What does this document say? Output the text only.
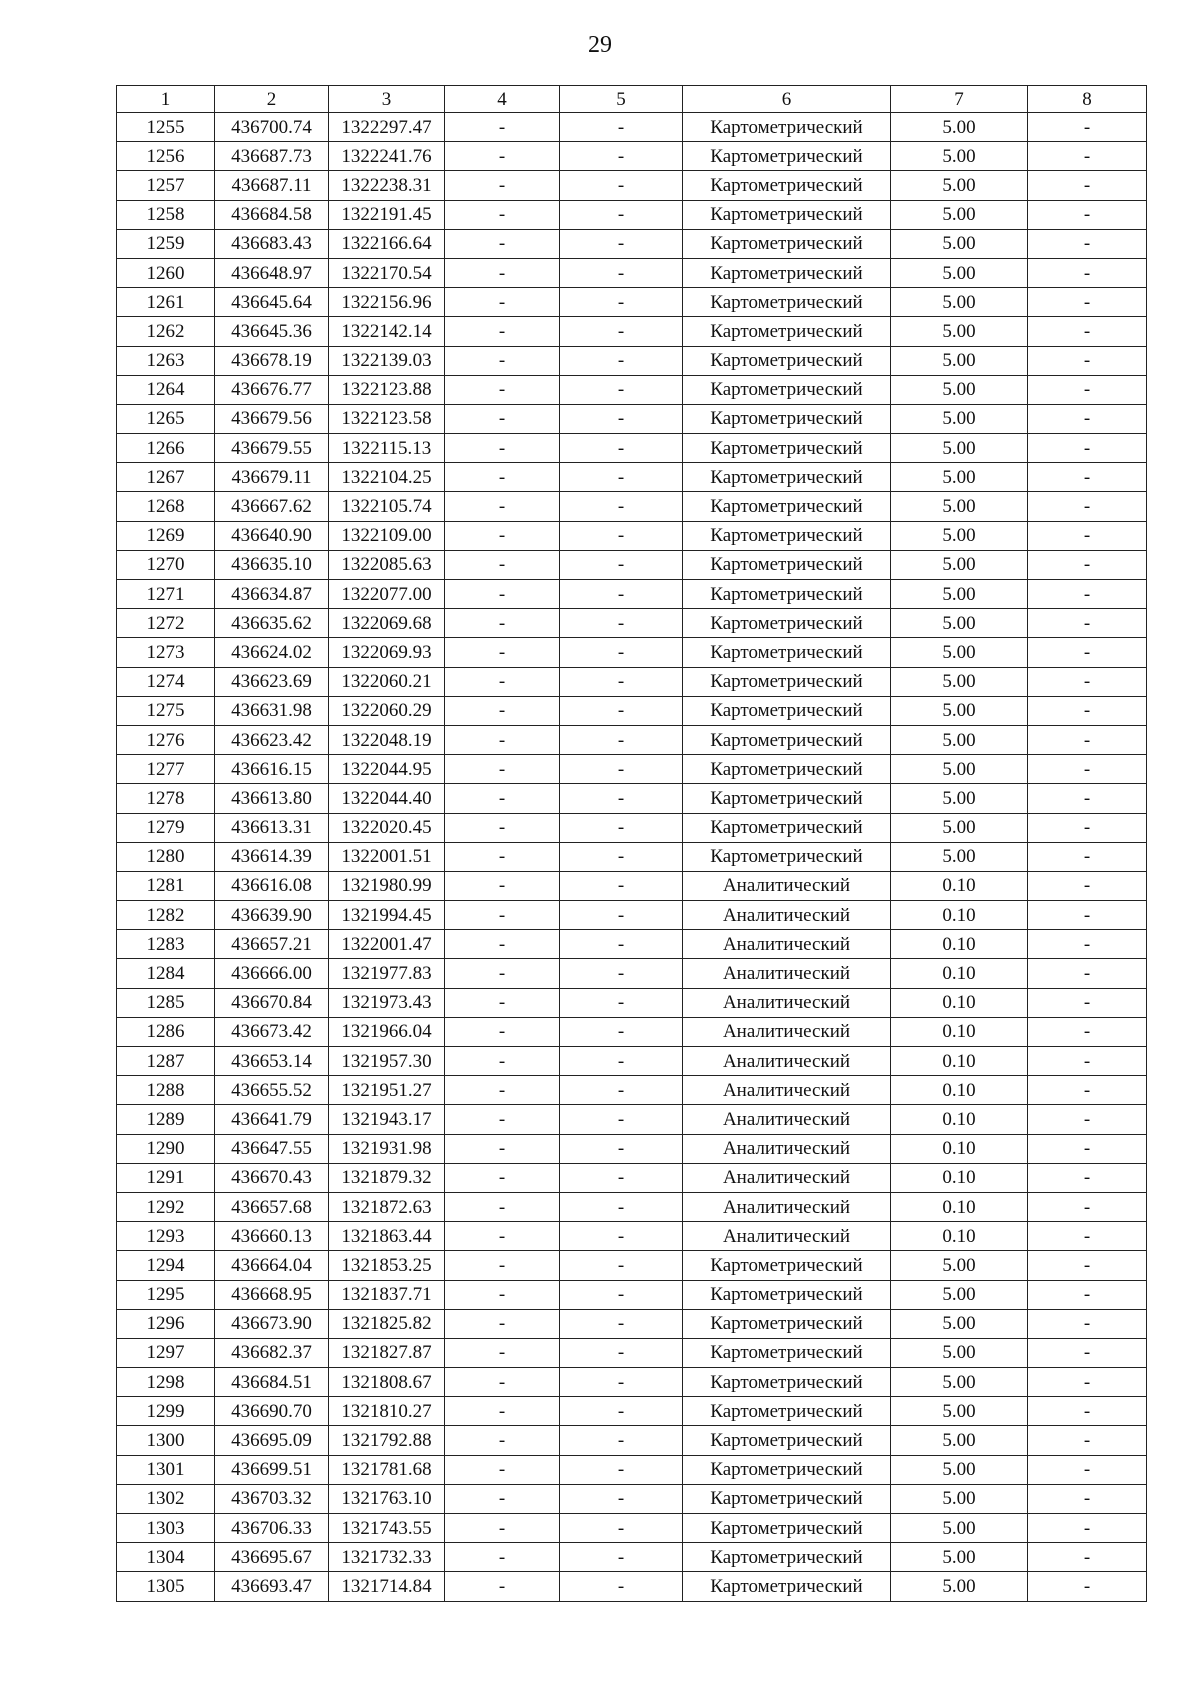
29
1	2	3	4	5	6	7	8
1255	436700.74	1322297.47	-	-	Картометрический	5.00	-
1256	436687.73	1322241.76	-	-	Картометрический	5.00	-
1257	436687.11	1322238.31	-	-	Картометрический	5.00	-
1258	436684.58	1322191.45	-	-	Картометрический	5.00	-
1259	436683.43	1322166.64	-	-	Картометрический	5.00	-
1260	436648.97	1322170.54	-	-	Картометрический	5.00	-
1261	436645.64	1322156.96	-	-	Картометрический	5.00	-
1262	436645.36	1322142.14	-	-	Картометрический	5.00	-
1263	436678.19	1322139.03	-	-	Картометрический	5.00	-
1264	436676.77	1322123.88	-	-	Картометрический	5.00	-
1265	436679.56	1322123.58	-	-	Картометрический	5.00	-
1266	436679.55	1322115.13	-	-	Картометрический	5.00	-
1267	436679.11	1322104.25	-	-	Картометрический	5.00	-
1268	436667.62	1322105.74	-	-	Картометрический	5.00	-
1269	436640.90	1322109.00	-	-	Картометрический	5.00	-
1270	436635.10	1322085.63	-	-	Картометрический	5.00	-
1271	436634.87	1322077.00	-	-	Картометрический	5.00	-
1272	436635.62	1322069.68	-	-	Картометрический	5.00	-
1273	436624.02	1322069.93	-	-	Картометрический	5.00	-
1274	436623.69	1322060.21	-	-	Картометрический	5.00	-
1275	436631.98	1322060.29	-	-	Картометрический	5.00	-
1276	436623.42	1322048.19	-	-	Картометрический	5.00	-
1277	436616.15	1322044.95	-	-	Картометрический	5.00	-
1278	436613.80	1322044.40	-	-	Картометрический	5.00	-
1279	436613.31	1322020.45	-	-	Картометрический	5.00	-
1280	436614.39	1322001.51	-	-	Картометрический	5.00	-
1281	436616.08	1321980.99	-	-	Аналитический	0.10	-
1282	436639.90	1321994.45	-	-	Аналитический	0.10	-
1283	436657.21	1322001.47	-	-	Аналитический	0.10	-
1284	436666.00	1321977.83	-	-	Аналитический	0.10	-
1285	436670.84	1321973.43	-	-	Аналитический	0.10	-
1286	436673.42	1321966.04	-	-	Аналитический	0.10	-
1287	436653.14	1321957.30	-	-	Аналитический	0.10	-
1288	436655.52	1321951.27	-	-	Аналитический	0.10	-
1289	436641.79	1321943.17	-	-	Аналитический	0.10	-
1290	436647.55	1321931.98	-	-	Аналитический	0.10	-
1291	436670.43	1321879.32	-	-	Аналитический	0.10	-
1292	436657.68	1321872.63	-	-	Аналитический	0.10	-
1293	436660.13	1321863.44	-	-	Аналитический	0.10	-
1294	436664.04	1321853.25	-	-	Картометрический	5.00	-
1295	436668.95	1321837.71	-	-	Картометрический	5.00	-
1296	436673.90	1321825.82	-	-	Картометрический	5.00	-
1297	436682.37	1321827.87	-	-	Картометрический	5.00	-
1298	436684.51	1321808.67	-	-	Картометрический	5.00	-
1299	436690.70	1321810.27	-	-	Картометрический	5.00	-
1300	436695.09	1321792.88	-	-	Картометрический	5.00	-
1301	436699.51	1321781.68	-	-	Картометрический	5.00	-
1302	436703.32	1321763.10	-	-	Картометрический	5.00	-
1303	436706.33	1321743.55	-	-	Картометрический	5.00	-
1304	436695.67	1321732.33	-	-	Картометрический	5.00	-
1305	436693.47	1321714.84	-	-	Картометрический	5.00	-
